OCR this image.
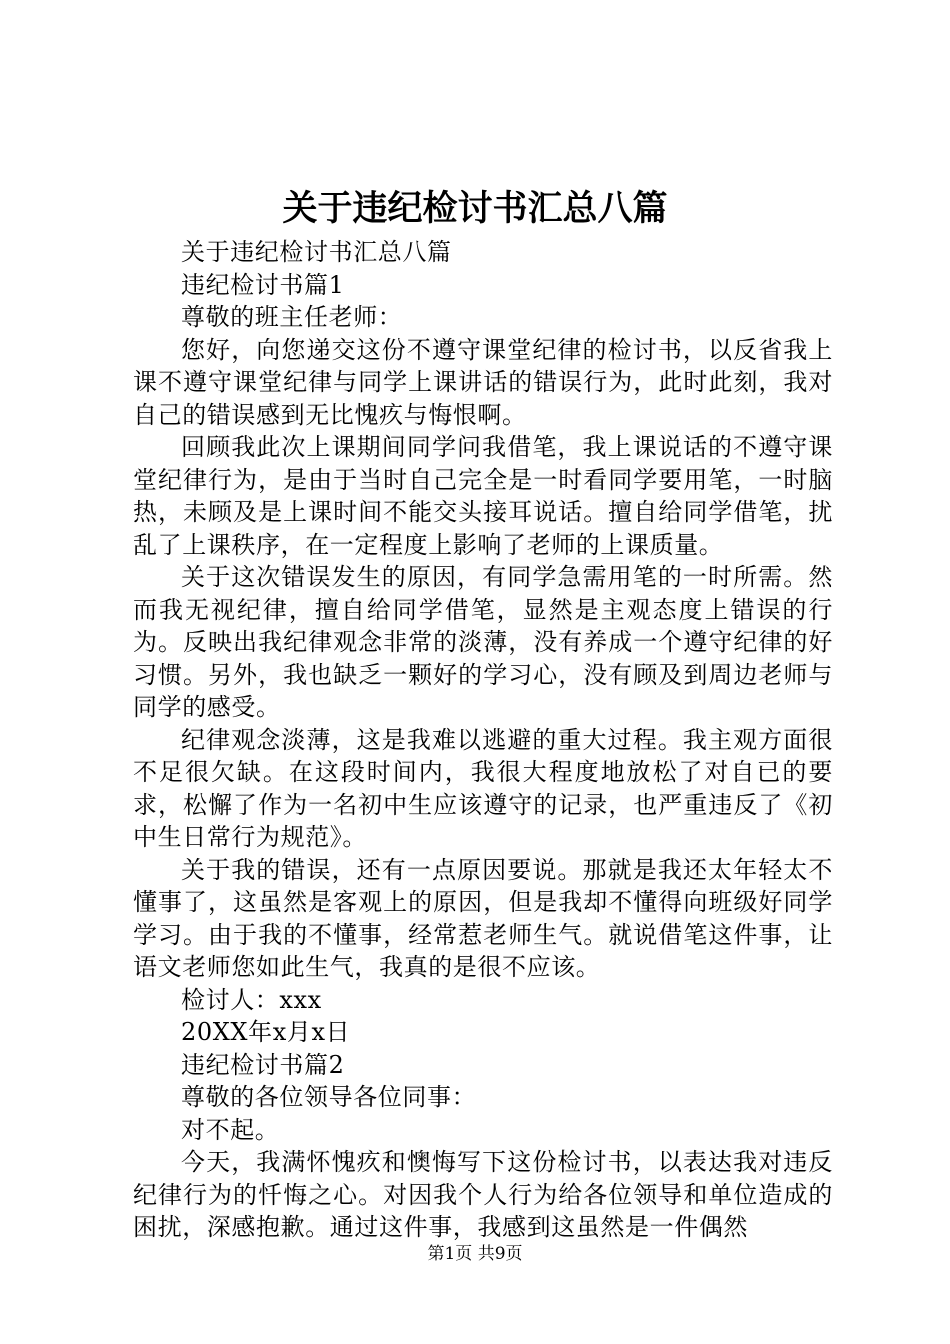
关于违纪检讨书汇总八篇

关于违纪检讨书汇总八篇

违纪检讨书篇1

尊敬的班主任老师：

您好，向您递交这份不遵守课堂纪律的检讨书，以反省我上课不遵守课堂纪律与同学上课讲话的错误行为，此时此刻，我对自己的错误感到无比愧疚与悔恨啊。

回顾我此次上课期间同学问我借笔，我上课说话的不遵守课堂纪律行为，是由于当时自己完全是一时看同学要用笔，一时脑热，未顾及是上课时间不能交头接耳说话。擅自给同学借笔，扰乱了上课秩序，在一定程度上影响了老师的上课质量。

关于这次错误发生的原因，有同学急需用笔的一时所需。然而我无视纪律，擅自给同学借笔，显然是主观态度上错误的行为。反映出我纪律观念非常的淡薄，没有养成一个遵守纪律的好习惯。另外，我也缺乏一颗好的学习心，没有顾及到周边老师与同学的感受。

纪律观念淡薄，这是我难以逃避的重大过程。我主观方面很不足很欠缺。在这段时间内，我很大程度地放松了对自已的要求，松懈了作为一名初中生应该遵守的记录，也严重违反了《初中生日常行为规范》。

关于我的错误，还有一点原因要说。那就是我还太年轻太不懂事了，这虽然是客观上的原因，但是我却不懂得向班级好同学学习。由于我的不懂事，经常惹老师生气。就说借笔这件事，让语文老师您如此生气，我真的是很不应该。

检讨人：xxx

20XX年x月x日

违纪检讨书篇2

尊敬的各位领导各位同事：

对不起。

今天，我满怀愧疚和懊悔写下这份检讨书，以表达我对违反纪律行为的忏悔之心。对因我个人行为给各位领导和单位造成的困扰，深感抱歉。通过这件事，我感到这虽然是一件偶然

第1页 共9页
